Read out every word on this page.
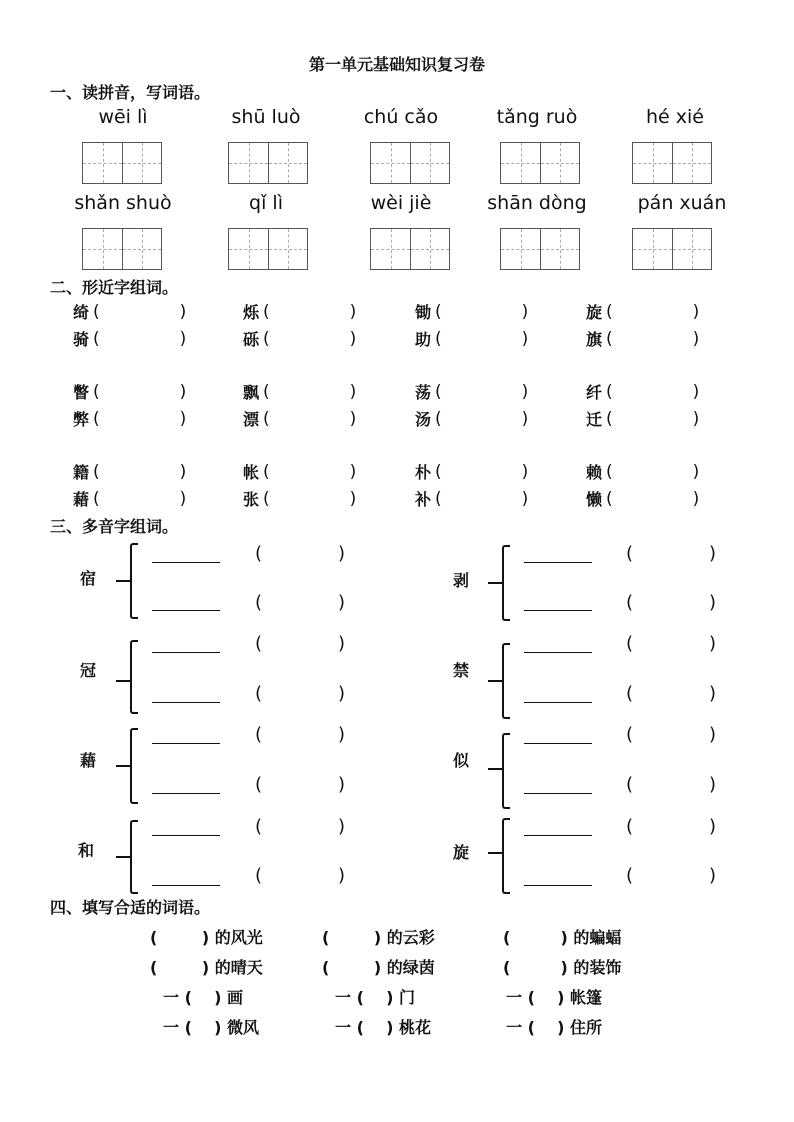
第一单元基础知识复习卷
一、读拼音，写词语。
wēi lì	shū luò	chú cǎo	tǎng ruò	hé xié
shǎn shuò	qǐ lì	wèi jiè	shān dòng	pán xuán
二、形近字组词。
绮 (	)	烁 (	)	锄 (	)	旋 (	)
骑 (	)	砾 (	)	助 (	)	旗 (	)
瞥 (	)	飘 (	)	荡 (	)	纤 (	)
弊 (	)	漂 (	)	汤 (	)	迁 (	)
籍 (	)	帐 (	)	朴 (	)	赖 (	)
藉 (	)	张 (	)	补 (	)	懒 (	)
三、多音字组词。
宿
(	)
(	)
冠
(	)
(	)
藉
(	)
(	)
和
(	)
(	)
剥
(	)
(	)
禁
(	)
(	)
似
(	)
(	)
旋
(	)
(	)
四、填写合适的词语。
(        ) 的风光	(        ) 的云彩	(         ) 的蝙蝠
(        ) 的晴天	(        ) 的绿茵	(         ) 的装饰
一 (    ) 画	一 (    ) 门	一 (    ) 帐篷
一 (    ) 微风	一 (    ) 桃花	一 (    ) 住所
